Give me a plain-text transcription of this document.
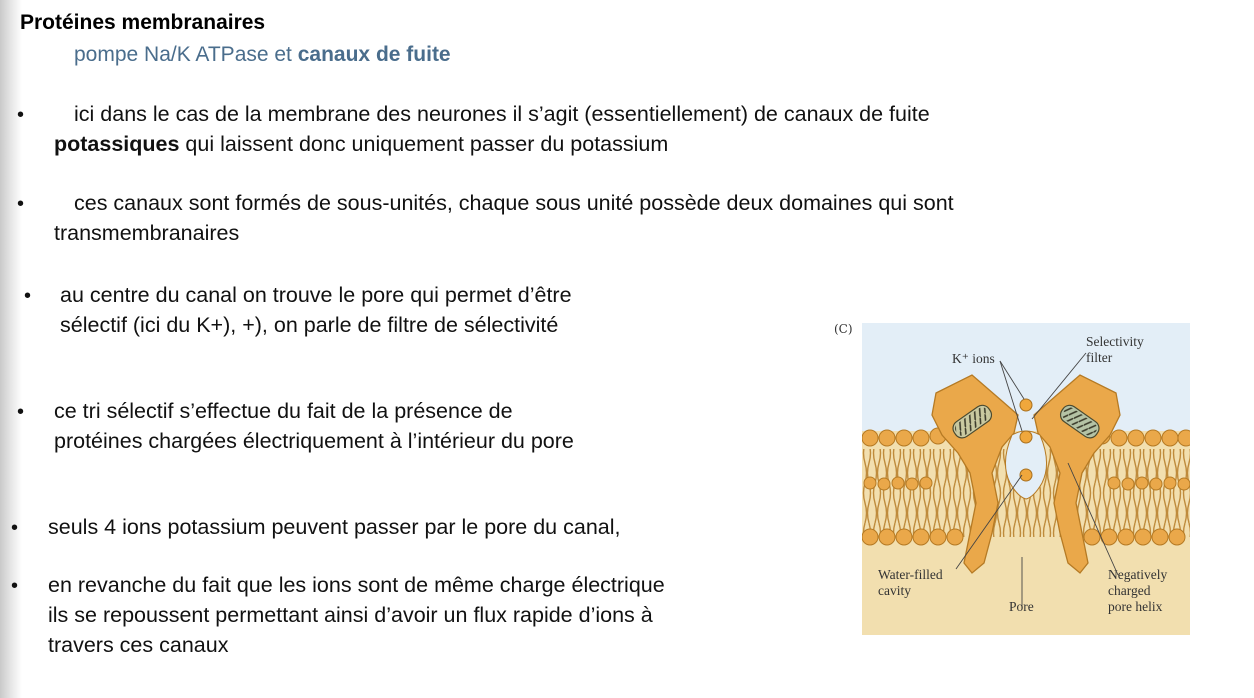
Protéines membranaires
pompe Na/K ATPase et canaux de fuite
• ici dans le cas de la membrane des neurones il s’agit (essentiellement) de canaux de fuite
potassiques qui laissent donc uniquement passer du potassium
• ces canaux sont formés de sous-unités, chaque sous unité possède deux domaines qui sont
transmembranaires
• au centre du canal on trouve le pore qui permet d’être
sélectif (ici du K+), +), on parle de filtre de sélectivité
• ce tri sélectif s’effectue du fait de la présence de
protéines chargées électriquement à l’intérieur du pore
• seuls 4 ions potassium peuvent passer par le pore du canal,
• en revanche du fait que les ions sont de même charge électrique
ils se repoussent permettant ainsi d’avoir un flux rapide d’ions à
travers ces canaux
(C)
K⁺ ions
Selectivity
filter
Water-filled
cavity
Pore
Negatively
charged
pore helix
